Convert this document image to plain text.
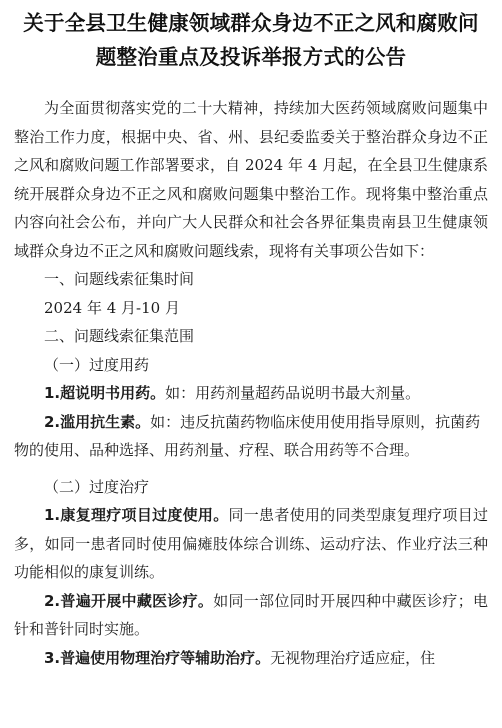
关于全县卫生健康领域群众身边不正之风和腐败问
题整治重点及投诉举报方式的公告

为全面贯彻落实党的二十大精神，持续加大医药领域腐败问题集中整治工作力度，根据中央、省、州、县纪委监委关于整治群众身边不正之风和腐败问题工作部署要求，自 2024 年 4 月起，在全县卫生健康系统开展群众身边不正之风和腐败问题集中整治工作。现将集中整治重点内容向社会公布，并向广大人民群众和社会各界征集贵南县卫生健康领域群众身边不正之风和腐败问题线索，现将有关事项公告如下：

一、问题线索征集时间

2024 年 4 月-10 月

二、问题线索征集范围

（一）过度用药

1.超说明书用药。如：用药剂量超药品说明书最大剂量。

2.滥用抗生素。如：违反抗菌药物临床使用使用指导原则，抗菌药物的使用、品种选择、用药剂量、疗程、联合用药等不合理。

（二）过度治疗

1.康复理疗项目过度使用。同一患者使用的同类型康复理疗项目过多，如同一患者同时使用偏瘫肢体综合训练、运动疗法、作业疗法三种功能相似的康复训练。

2.普遍开展中藏医诊疗。如同一部位同时开展四种中藏医诊疗；电针和普针同时实施。

3.普遍使用物理治疗等辅助治疗。无视物理治疗适应症，住
